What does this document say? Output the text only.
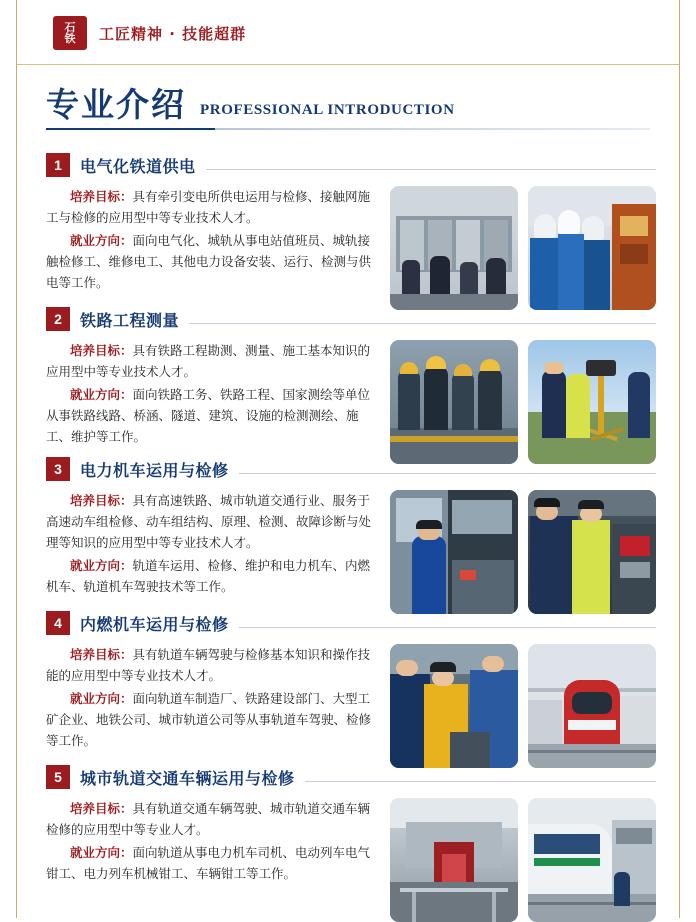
石
铁 工匠精神 · 技能超群
专业介绍 PROFESSIONAL INTRODUCTION
1	电气化铁道供电
培养目标：具有牵引变电所供电运用与检修、接触网施工与检修的应用型中等专业技术人才。
就业方向：面向电气化、城轨从事电站值班员、城轨接触检修工、维修电工、其他电力设备安装、运行、检测与供电等工作。
2	铁路工程测量
培养目标：具有铁路工程勘测、测量、施工基本知识的应用型中等专业技术人才。
就业方向：面向铁路工务、铁路工程、国家测绘等单位从事铁路线路、桥涵、隧道、建筑、设施的检测测绘、施工、维护等工作。
3	电力机车运用与检修
培养目标：具有高速铁路、城市轨道交通行业、服务于高速动车组检修、动车组结构、原理、检测、故障诊断与处理等知识的应用型中等专业技术人才。
就业方向：轨道车运用、检修、维护和电力机车、内燃机车、轨道机车驾驶技术等工作。
4	内燃机车运用与检修
培养目标：具有轨道车辆驾驶与检修基本知识和操作技能的应用型中等专业技术人才。
就业方向：面向轨道车制造厂、铁路建设部门、大型工矿企业、地铁公司、城市轨道公司等从事轨道车驾驶、检修等工作。
5	城市轨道交通车辆运用与检修
培养目标：具有轨道交通车辆驾驶、城市轨道交通车辆检修的应用型中等专业人才。
就业方向：面向轨道从事电力机车司机、电动列车电气钳工、电力列车机械钳工、车辆钳工等工作。
